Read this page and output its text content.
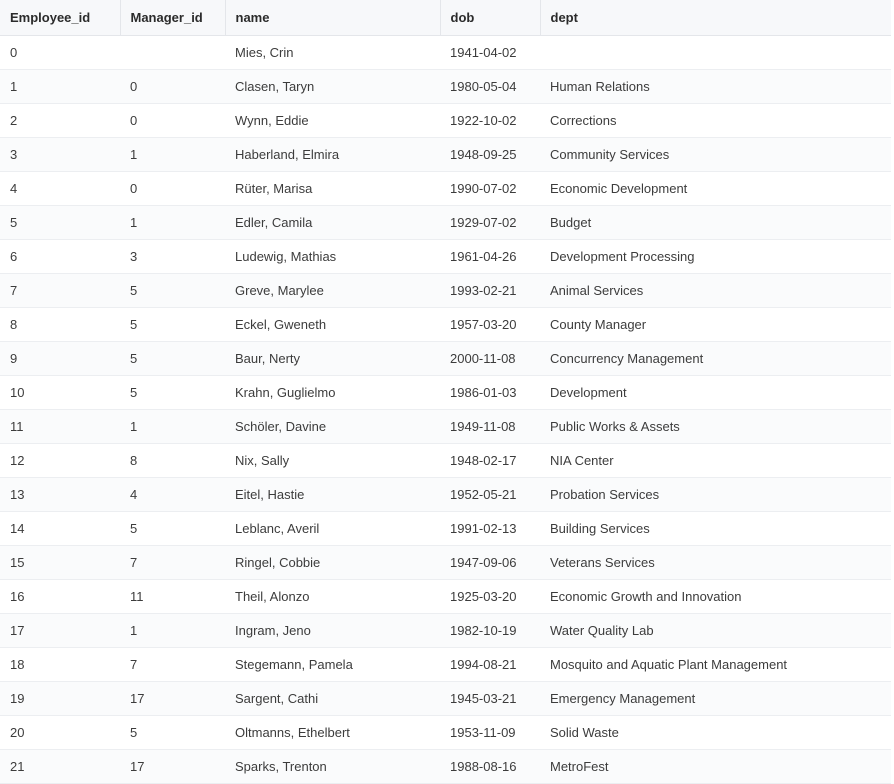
Employee_id	Manager_id	name	dob	dept
0		Mies, Crin	1941-04-02	
1	0	Clasen, Taryn	1980-05-04	Human Relations
2	0	Wynn, Eddie	1922-10-02	Corrections
3	1	Haberland, Elmira	1948-09-25	Community Services
4	0	Rüter, Marisa	1990-07-02	Economic Development
5	1	Edler, Camila	1929-07-02	Budget
6	3	Ludewig, Mathias	1961-04-26	Development Processing
7	5	Greve, Marylee	1993-02-21	Animal Services
8	5	Eckel, Gweneth	1957-03-20	County Manager
9	5	Baur, Nerty	2000-11-08	Concurrency Management
10	5	Krahn, Guglielmo	1986-01-03	Development
11	1	Schöler, Davine	1949-11-08	Public Works & Assets
12	8	Nix, Sally	1948-02-17	NIA Center
13	4	Eitel, Hastie	1952-05-21	Probation Services
14	5	Leblanc, Averil	1991-02-13	Building Services
15	7	Ringel, Cobbie	1947-09-06	Veterans Services
16	11	Theil, Alonzo	1925-03-20	Economic Growth and Innovation
17	1	Ingram, Jeno	1982-10-19	Water Quality Lab
18	7	Stegemann, Pamela	1994-08-21	Mosquito and Aquatic Plant Management
19	17	Sargent, Cathi	1945-03-21	Emergency Management
20	5	Oltmanns, Ethelbert	1953-11-09	Solid Waste
21	17	Sparks, Trenton	1988-08-16	MetroFest
